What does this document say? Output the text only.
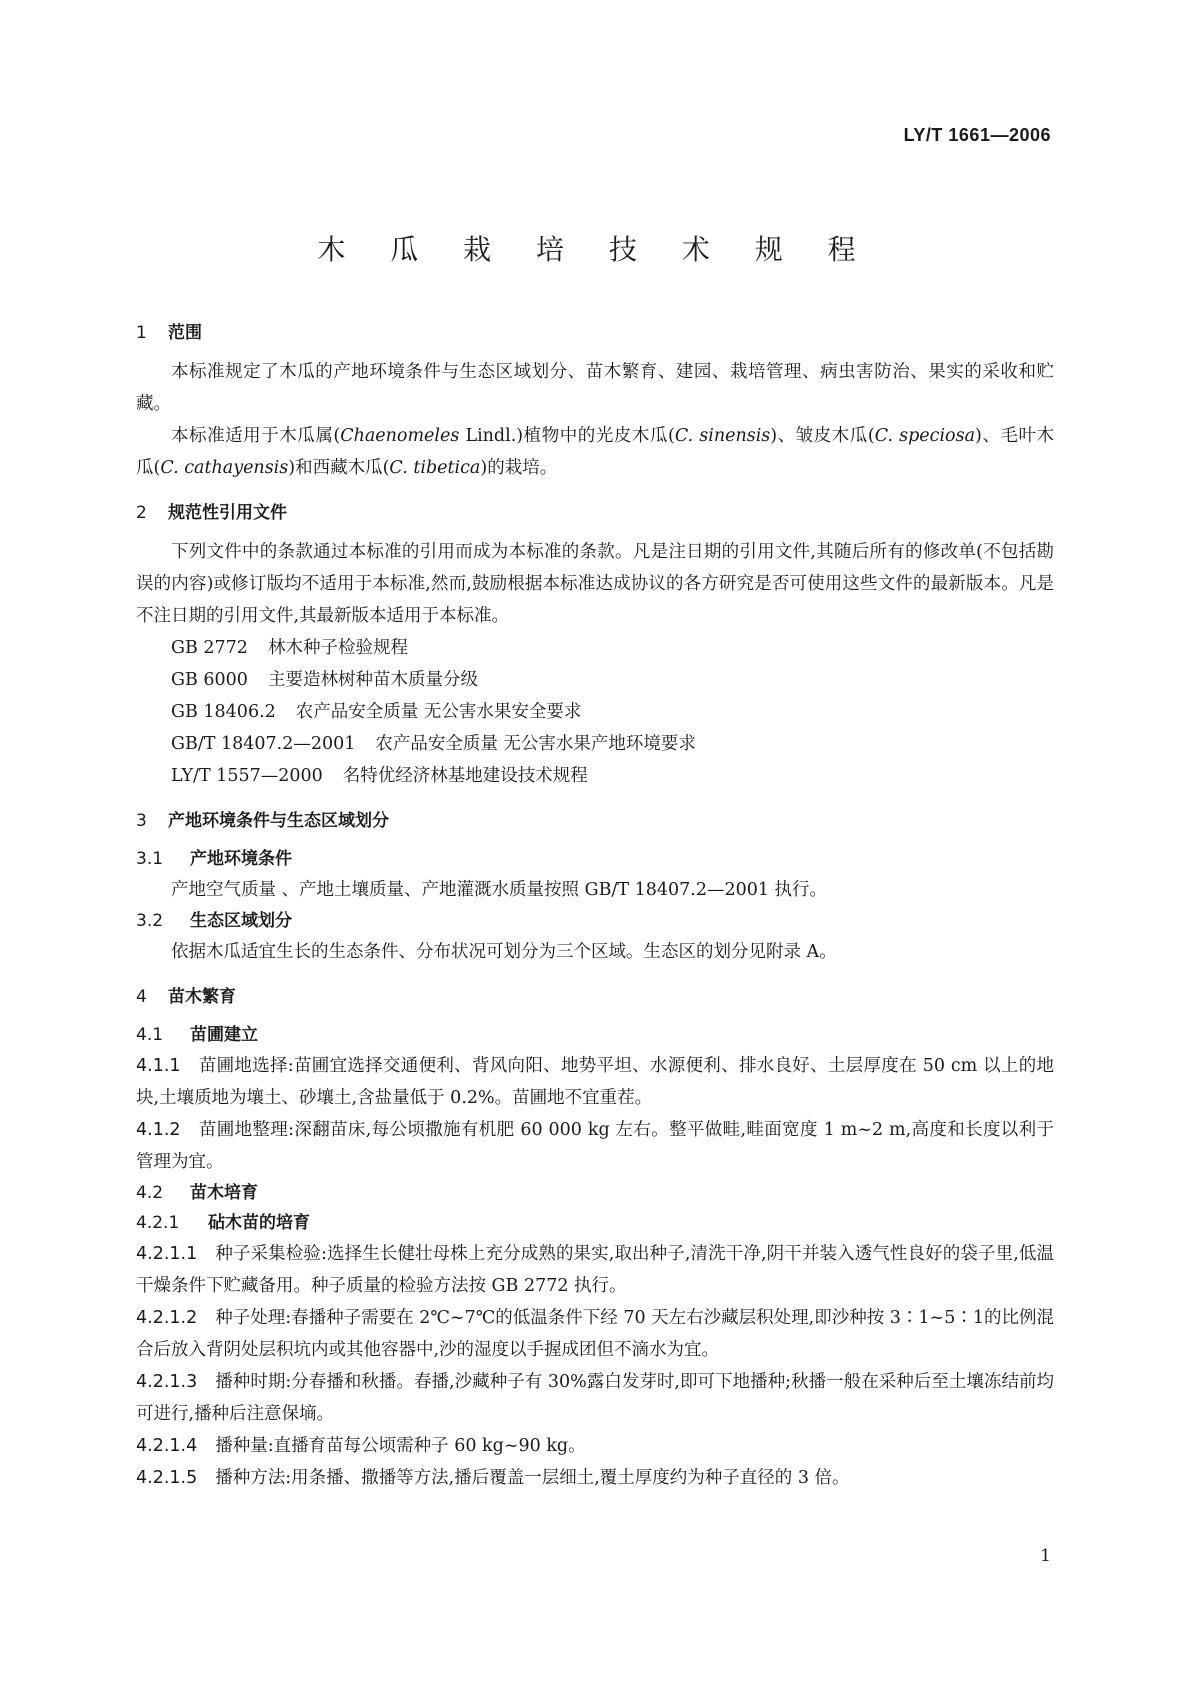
LY/T 1661—2006
木 瓜 栽 培 技 术 规 程
1 范围

本标准规定了木瓜的产地环境条件与生态区域划分、苗木繁育、建园、栽培管理、病虫害防治、果实的采收和贮藏。

本标准适用于木瓜属(Chaenomeles Lindl.)植物中的光皮木瓜(C. sinensis)、皱皮木瓜(C. speciosa)、毛叶木瓜(C. cathayensis)和西藏木瓜(C. tibetica)的栽培。

2 规范性引用文件

下列文件中的条款通过本标准的引用而成为本标准的条款。凡是注日期的引用文件,其随后所有的修改单(不包括勘误的内容)或修订版均不适用于本标准,然而,鼓励根据本标准达成协议的各方研究是否可使用这些文件的最新版本。凡是不注日期的引用文件,其最新版本适用于本标准。

GB 2772 林木种子检验规程
GB 6000 主要造林树种苗木质量分级
GB 18406.2 农产品安全质量 无公害水果安全要求
GB/T 18407.2—2001 农产品安全质量 无公害水果产地环境要求
LY/T 1557—2000 名特优经济林基地建设技术规程
3 产地环境条件与生态区域划分
3.1 产地环境条件

产地空气质量 、产地土壤质量、产地灌溉水质量按照 GB/T 18407.2—2001 执行。

3.2 生态区域划分

依据木瓜适宜生长的生态条件、分布状况可划分为三个区域。生态区的划分见附录 A。

4 苗木繁育
4.1 苗圃建立

4.1.1 苗圃地选择:苗圃宜选择交通便利、背风向阳、地势平坦、水源便利、排水良好、土层厚度在 50 cm 以上的地块,土壤质地为壤土、砂壤土,含盐量低于 0.2%。苗圃地不宜重茬。

4.1.2 苗圃地整理:深翻苗床,每公顷撒施有机肥 60 000 kg 左右。整平做畦,畦面宽度 1 m~2 m,高度和长度以利于管理为宜。

4.2 苗木培育
4.2.1 砧木苗的培育

4.2.1.1 种子采集检验:选择生长健壮母株上充分成熟的果实,取出种子,清洗干净,阴干并装入透气性良好的袋子里,低温干燥条件下贮藏备用。种子质量的检验方法按 GB 2772 执行。

4.2.1.2 种子处理:春播种子需要在 2℃~7℃的低温条件下经 70 天左右沙藏层积处理,即沙种按 3∶1~5∶1的比例混合后放入背阴处层积坑内或其他容器中,沙的湿度以手握成团但不滴水为宜。

4.2.1.3 播种时期:分春播和秋播。春播,沙藏种子有 30%露白发芽时,即可下地播种;秋播一般在采种后至土壤冻结前均可进行,播种后注意保墒。

4.2.1.4 播种量:直播育苗每公顷需种子 60 kg~90 kg。

4.2.1.5 播种方法:用条播、撒播等方法,播后覆盖一层细土,覆土厚度约为种子直径的 3 倍。

1
